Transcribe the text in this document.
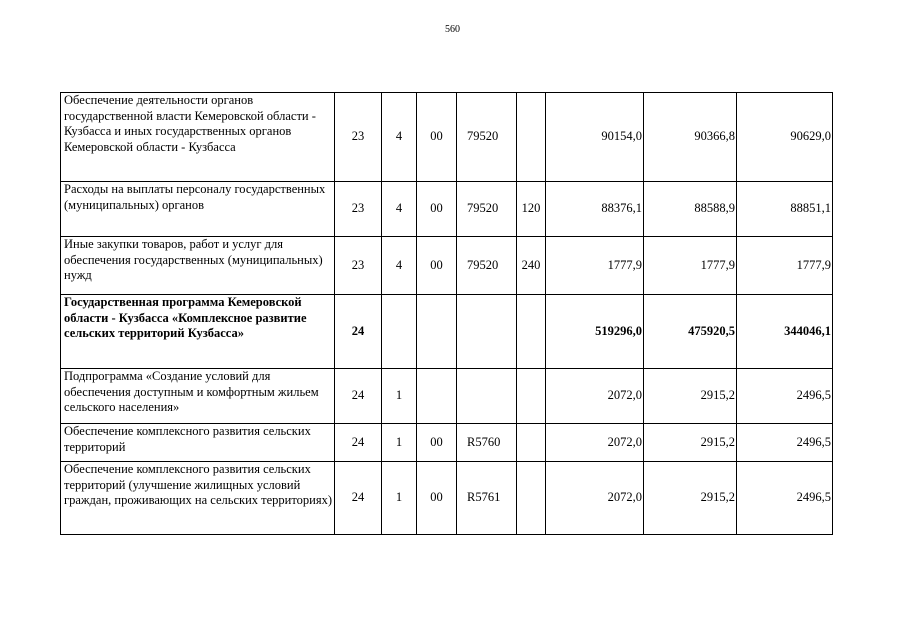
560
Обеспечение деятельности органов государственной власти Кемеровской области - Кузбасса и иных государственных органов Кемеровской области - Кузбасса	23	4	00	79520		90154,0	90366,8	90629,0
Расходы на выплаты персоналу государственных (муниципальных) органов	23	4	00	79520	120	88376,1	88588,9	88851,1
Иные закупки товаров, работ и услуг для обеспечения государственных (муниципальных) нужд	23	4	00	79520	240	1777,9	1777,9	1777,9
Государственная программа Кемеровской области - Кузбасса «Комплексное развитие сельских территорий Кузбасса»	24					519296,0	475920,5	344046,1
Подпрограмма «Создание условий для обеспечения доступным и комфортным жильем сельского населения»	24	1				2072,0	2915,2	2496,5
Обеспечение комплексного развития сельских территорий	24	1	00	R5760		2072,0	2915,2	2496,5
Обеспечение комплексного развития сельских территорий (улучшение жилищных условий граждан, проживающих на сельских территориях)	24	1	00	R5761		2072,0	2915,2	2496,5
